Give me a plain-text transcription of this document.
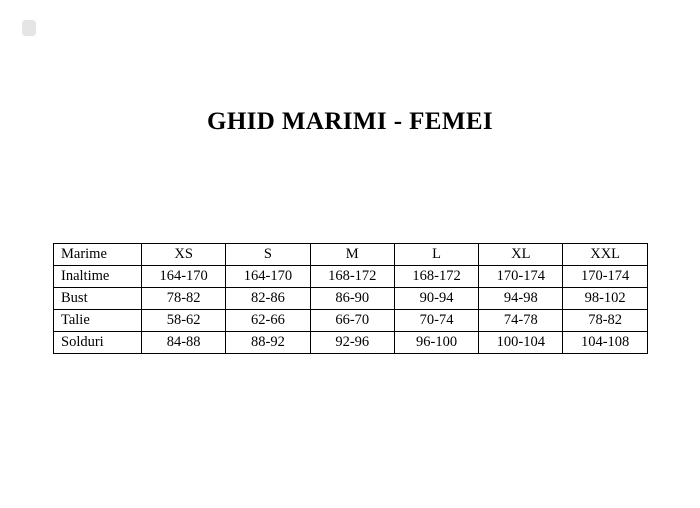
GHID MARIMI - FEMEI
Marime	XS	S	M	L	XL	XXL
Inaltime	164-170	164-170	168-172	168-172	170-174	170-174
Bust	78-82	82-86	86-90	90-94	94-98	98-102
Talie	58-62	62-66	66-70	70-74	74-78	78-82
Solduri	84-88	88-92	92-96	96-100	100-104	104-108
